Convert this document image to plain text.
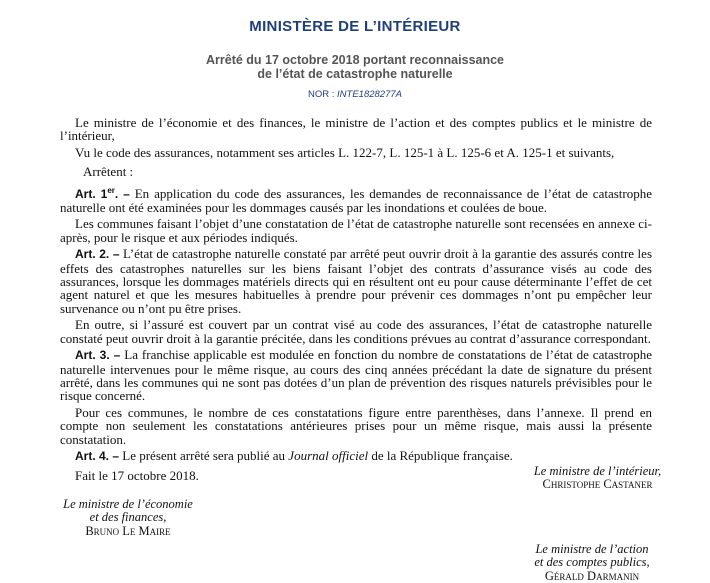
MINISTÈRE DE L’INTÉRIEUR
Arrêté du 17 octobre 2018 portant reconnaissance
de l’état de catastrophe naturelle
NOR : INTE1828277A

Le ministre de l’économie et des finances, le ministre de l’action et des comptes publics et le ministre de l’intérieur,

Vu le code des assurances, notamment ses articles L. 122-7, L. 125-1 à L. 125-6 et A. 125-1 et suivants,

Arrêtent :

Art. 1er. – En application du code des assurances, les demandes de reconnaissance de l’état de catastrophe naturelle ont été examinées pour les dommages causés par les inondations et coulées de boue.

Les communes faisant l’objet d’une constatation de l’état de catastrophe naturelle sont recensées en annexe ci-après, pour le risque et aux périodes indiqués.

Art. 2. – L’état de catastrophe naturelle constaté par arrêté peut ouvrir droit à la garantie des assurés contre les effets des catastrophes naturelles sur les biens faisant l’objet des contrats d’assurance visés au code des assurances, lorsque les dommages matériels directs qui en résultent ont eu pour cause déterminante l’effet de cet agent naturel et que les mesures habituelles à prendre pour prévenir ces dommages n’ont pu empêcher leur survenance ou n’ont pu être prises.

En outre, si l’assuré est couvert par un contrat visé au code des assurances, l’état de catastrophe naturelle constaté peut ouvrir droit à la garantie précitée, dans les conditions prévues au contrat d’assurance correspondant.

Art. 3. – La franchise applicable est modulée en fonction du nombre de constatations de l’état de catastrophe naturelle intervenues pour le même risque, au cours des cinq années précédant la date de signature du présent arrêté, dans les communes qui ne sont pas dotées d’un plan de prévention des risques naturels prévisibles pour le risque concerné.

Pour ces communes, le nombre de ces constatations figure entre parenthèses, dans l’annexe. Il prend en compte non seulement les constatations antérieures prises pour un même risque, mais aussi la présente constatation.

Art. 4. – Le présent arrêté sera publié au Journal officiel de la République française.

Fait le 17 octobre 2018.	Le ministre de l’intérieur,
Christophe Castaner
Le ministre de l’économie
et des finances,
Bruno Le Maire
Le ministre de l’action
et des comptes publics,
Gérald Darmanin
